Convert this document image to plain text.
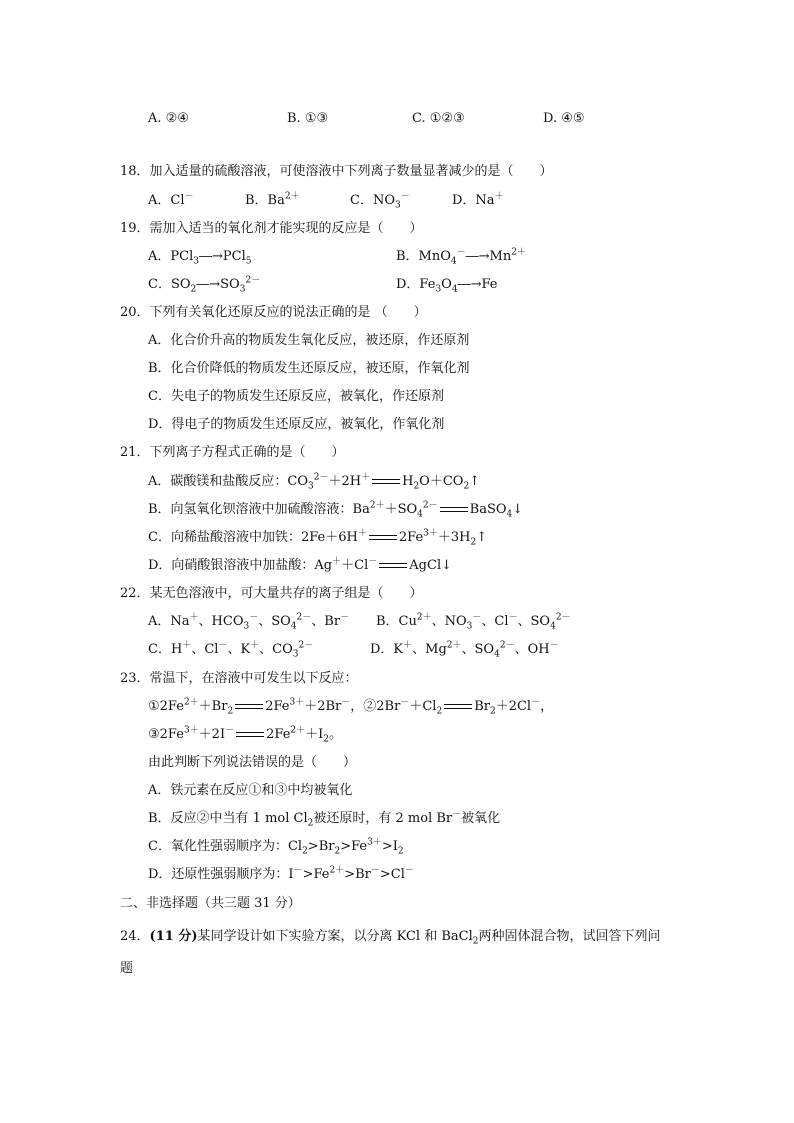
A. ②④	B. ①③	C. ①②③	D. ④⑤
18．加入适量的硫酸溶液，可使溶液中下列离子数量显著减少的是（　　）
A．Cl－	B．$Ba^{2+}$	C．$NO_3^-$	D．Na＋
19．需加入适当的氧化剂才能实现的反应是（　　）
A．PCl$_3$―→PCl$_5$	B．$MnO_4^-―\to Mn^{2+}$
C．$SO_2―\to SO_3^{2-}$	D．$Fe_3O_4―\to Fe$
20．下列有关氧化还原反应的说法正确的是 （　　）
A．化合价升高的物质发生氧化反应，被还原，作还原剂
B．化合价降低的物质发生还原反应，被还原，作氧化剂
C．失电子的物质发生还原反应，被氧化，作还原剂
D．得电子的物质发生还原反应，被氧化，作氧化剂
21．下列离子方程式正确的是（　　）
A．碳酸镁和盐酸反应：$CO_3^{2-}+2H^+$ $H_2O+CO_2↑$
B．向氢氧化钡溶液中加硫酸溶液：$Ba^{2+}+SO_4^{2-}$ BaSO$_4$↓
C．向稀盐酸溶液中加铁：2Fe＋6H＋ $2Fe^{3+}+3H_2↑$
D．向硝酸银溶液中加盐酸：Ag＋＋Cl－ AgCl↓
22．某无色溶液中，可大量共存的离子组是（　　）
A．Na＋、$HCO_3^-$、$SO_4^{2-}$、Br－ B．$Cu^{2+}$、$NO_3^-$、Cl－、$SO_4^{2-}$
C．H＋、Cl－、K＋、$CO_3^{2-}$	D．K＋、$Mg^{2+}$、$SO_4^{2-}$、OH－
23．常温下，在溶液中可发生以下反应：
$①2Fe^{2+}+Br_2$ $2Fe^{3+}+2Br^-$，$②2Br^-+Cl_2$ $Br_2+2Cl^-$，
$③2Fe^{3+}+2I^-$ $2Fe^{2+}+I_2$。
由此判断下列说法错误的是（　　）
A．铁元素在反应①和③中均被氧化
B．反应②中当有 1 mol $Cl_2$被还原时，有 2 mol Br－被氧化
C．氧化性强弱顺序为：$Cl_2>Br_2>Fe^{3+}>I_2$
D．还原性强弱顺序为：$I^->Fe^{2+}>Br^->Cl^-$
二、非选择题（共三题 31 分）
24．(11 分)某同学设计如下实验方案，以分离 KCl 和 BaCl$_2$两种固体混合物，试回答下列问
题
